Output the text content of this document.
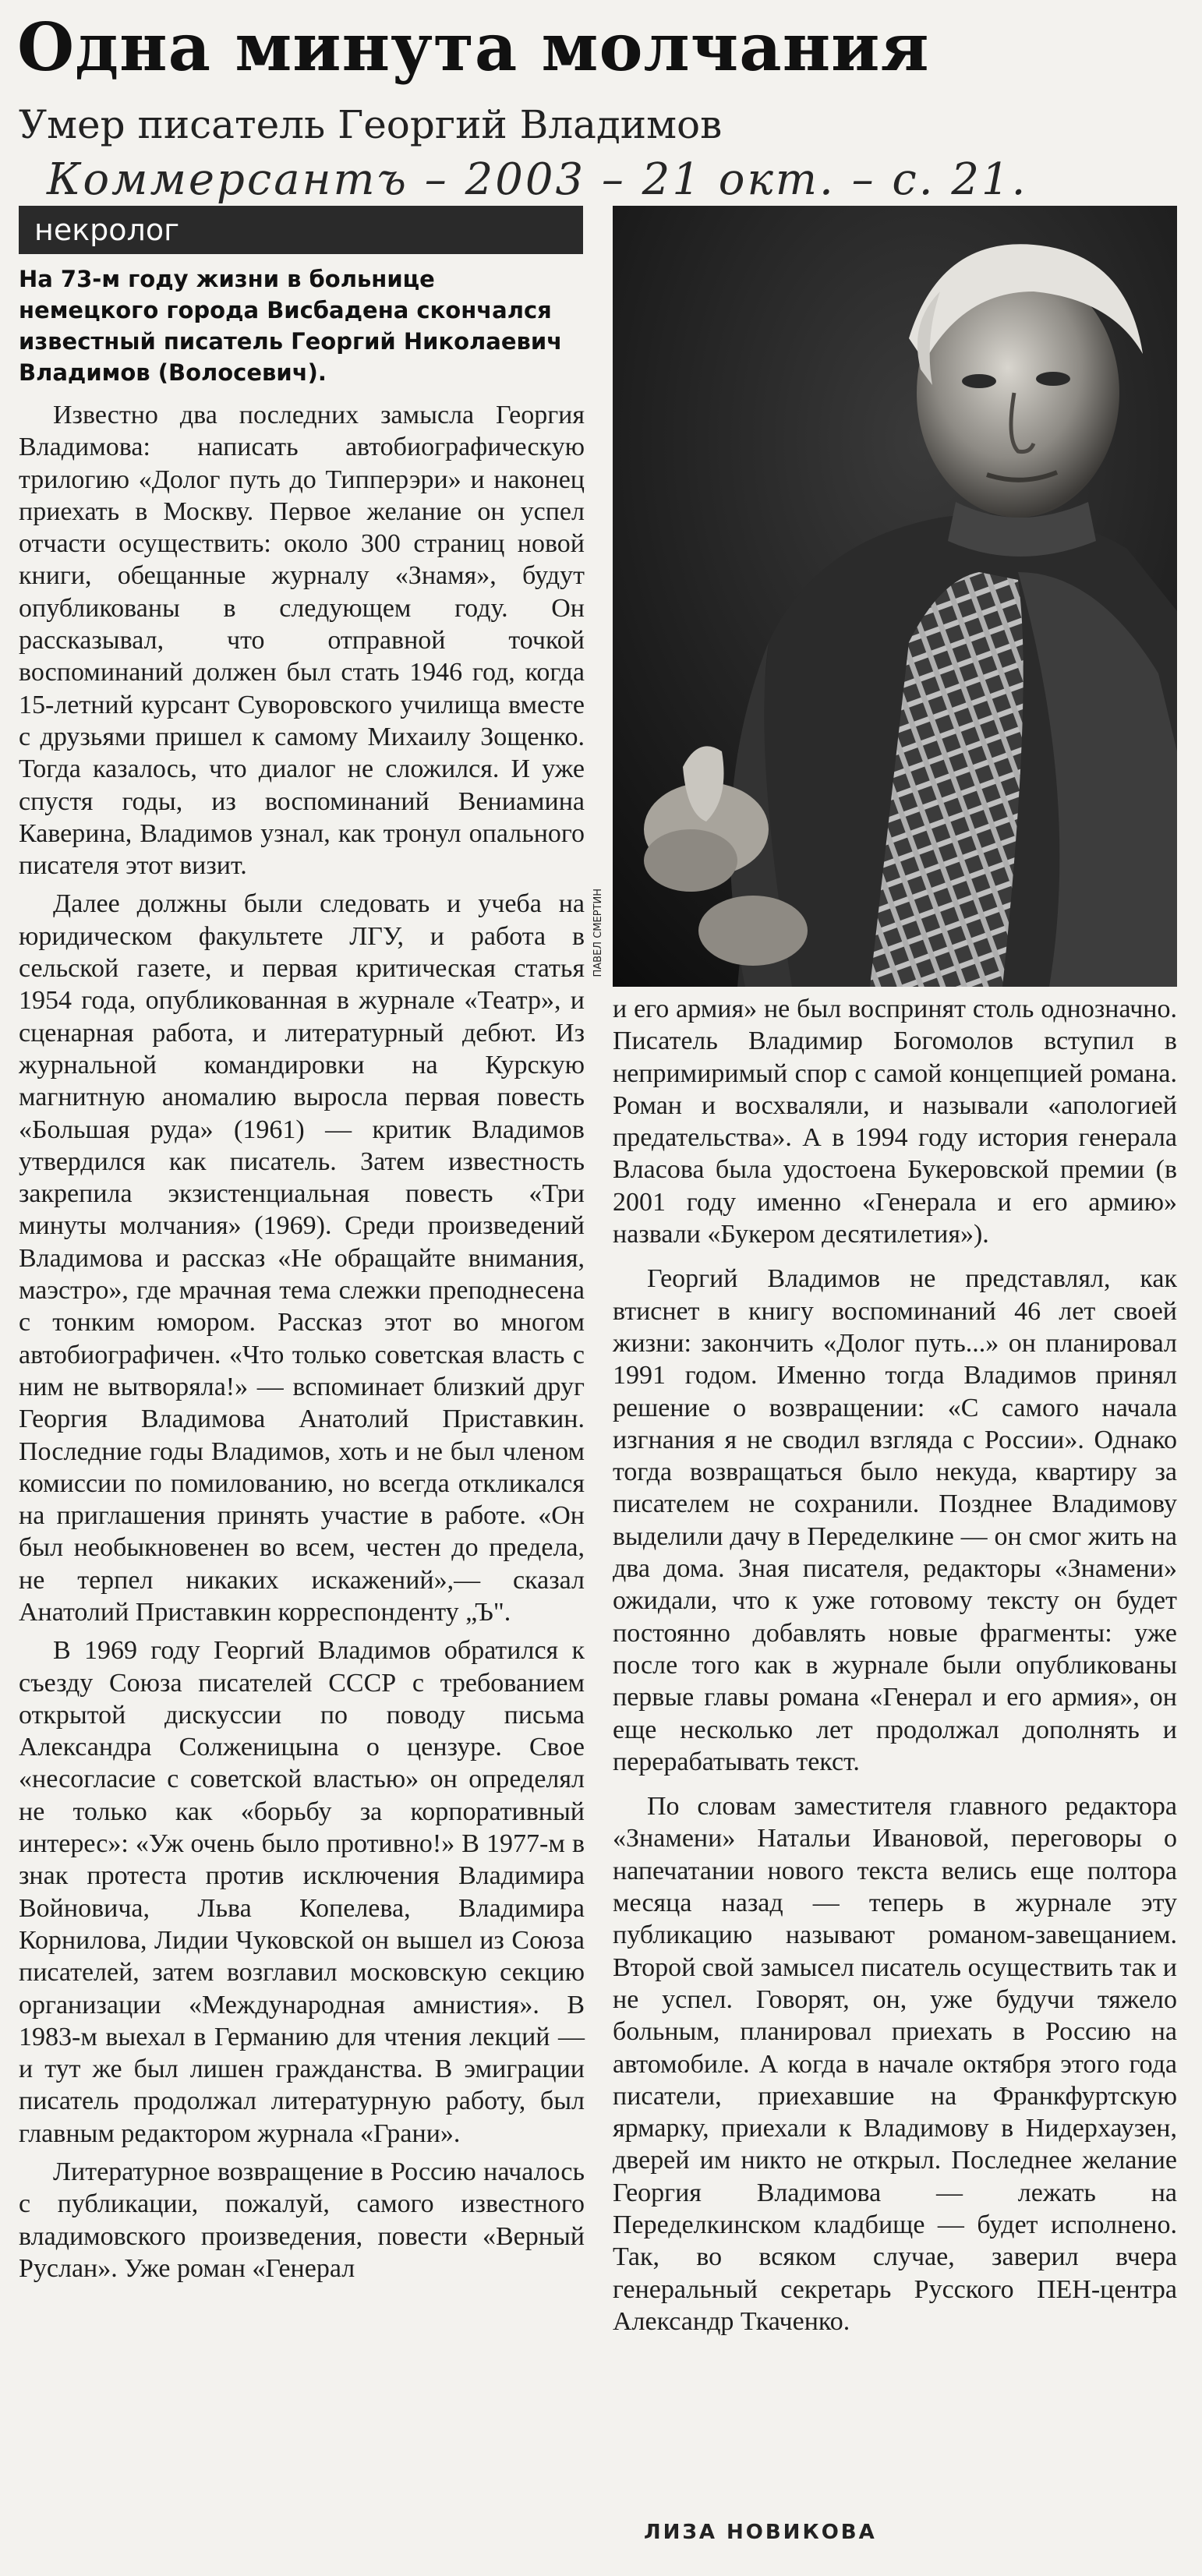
Одна минута молчания
Умер писатель Георгий Владимов
Коммерсантъ – 2003 – 21 окт. – с. 21.
некролог
На 73-м году жизни в больнице немецкого города Висбадена скончался известный писатель Георгий Николаевич Владимов (Волосевич).

Известно два последних замысла Георгия Владимова: написать автобиографическую трилогию «Долог путь до Типперэри» и наконец приехать в Москву. Первое желание он успел отчасти осуществить: около 300 страниц новой книги, обещанные журналу «Знамя», будут опубликованы в следующем году. Он рассказывал, что отправной точкой воспоминаний должен был стать 1946 год, когда 15-летний курсант Суворовского училища вместе с друзьями пришел к самому Михаилу Зощенко. Тогда казалось, что диалог не сложился. И уже спустя годы, из воспоминаний Вениамина Каверина, Владимов узнал, как тронул опального писателя этот визит.

Далее должны были следовать и учеба на юридическом факультете ЛГУ, и работа в сельской газете, и первая критическая статья 1954 года, опубликованная в журнале «Театр», и сценарная работа, и литературный дебют. Из журнальной командировки на Курскую магнитную аномалию выросла первая повесть «Большая руда» (1961) — критик Владимов утвердился как писатель. Затем известность закрепила экзистенциальная повесть «Три минуты молчания» (1969). Среди произведений Владимова и рассказ «Не обращайте внимания, маэстро», где мрачная тема слежки преподнесена с тонким юмором. Рассказ этот во многом автобиографичен. «Что только советская власть с ним не вытворяла!» — вспоминает близкий друг Георгия Владимова Анатолий Приставкин. Последние годы Владимов, хоть и не был членом комиссии по помилованию, но всегда откликался на приглашения принять участие в работе. «Он был необыкновенен во всем, честен до предела, не терпел никаких искажений»,— сказал Анатолий Приставкин корреспонденту „Ъ".

В 1969 году Георгий Владимов обратился к съезду Союза писателей СССР с требованием открытой дискуссии по поводу письма Александра Солженицына о цензуре. Свое «несогласие с советской властью» он определял не только как «борьбу за корпоративный интерес»: «Уж очень было противно!» В 1977-м в знак протеста против исключения Владимира Войновича, Льва Копелева, Владимира Корнилова, Лидии Чуковской он вышел из Союза писателей, затем возглавил московскую секцию организации «Международная амнистия». В 1983-м выехал в Германию для чтения лекций — и тут же был лишен гражданства. В эмиграции писатель продолжал литературную работу, был главным редактором журнала «Грани».

Литературное возвращение в Россию началось с публикации, пожалуй, самого известного владимовского произведения, повести «Верный Руслан». Уже роман «Генерал

ПАВЕЛ СМЕРТИН

и его армия» не был воспринят столь однозначно. Писатель Владимир Богомолов вступил в непримиримый спор с самой концепцией романа. Роман и восхваляли, и называли «апологией предательства». А в 1994 году история генерала Власова была удостоена Букеровской премии (в 2001 году именно «Генерала и его армию» назвали «Букером десятилетия»).

Георгий Владимов не представлял, как втиснет в книгу воспоминаний 46 лет своей жизни: закончить «Долог путь...» он планировал 1991 годом. Именно тогда Владимов принял решение о возвращении: «С самого начала изгнания я не сводил взгляда с России». Однако тогда возвращаться было некуда, квартиру за писателем не сохранили. Позднее Владимову выделили дачу в Переделкине — он смог жить на два дома. Зная писателя, редакторы «Знамени» ожидали, что к уже готовому тексту он будет постоянно добавлять новые фрагменты: уже после того как в журнале были опубликованы первые главы романа «Генерал и его армия», он еще несколько лет продолжал дополнять и перерабатывать текст.

По словам заместителя главного редактора «Знамени» Натальи Ивановой, переговоры о напечатании нового текста велись еще полтора месяца назад — теперь в журнале эту публикацию называют романом-завещанием. Второй свой замысел писатель осуществить так и не успел. Говорят, он, уже будучи тяжело больным, планировал приехать в Россию на автомобиле. А когда в начале октября этого года писатели, приехавшие на Франкфуртскую ярмарку, приехали к Владимову в Нидерхаузен, дверей им никто не открыл. Последнее желание Георгия Владимова — лежать на Переделкинском кладбище — будет исполнено. Так, во всяком случае, заверил вчера генеральный секретарь Русского ПЕН-центра Александр Ткаченко.

ЛИЗА НОВИКОВА
